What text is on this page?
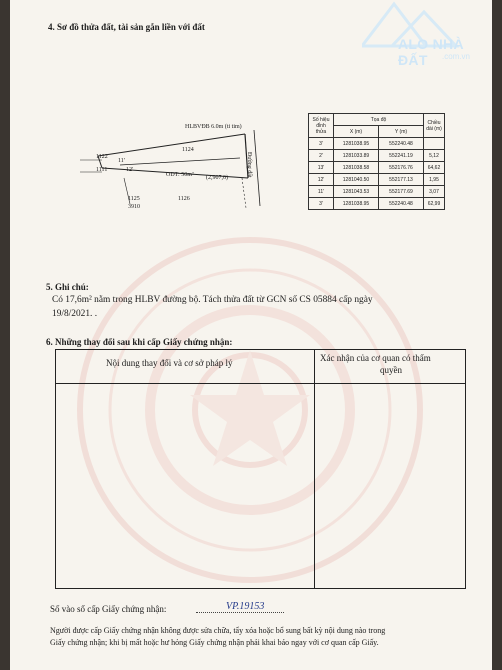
4. Sơ đồ thửa đất, tài sản gắn liền với đất
HLBVĐB 6.0m (ti tim)
Đường đất
ODT: 50m² (2,907,6)
1124
1122
1111
11'
12'
1125
3910
1126
ALO NHÀ ĐẤT	.com.vn
Số hiệu đỉnh thửa	Tọa độ		Chiều dài (m)
	X (m)	Y (m)	
3'	1281038.95	552240.48	
2'	1281033.89	552241.19	5,12
13'	1281038.58	552176.76	64,62
12'	1281040.50	552177.13	1,95
11'	1281043.53	552177.69	3,07
3'	1281038.95	552240.48	62,99
5. Ghi chú:
Có 17,6m² nằm trong HLBV đường bộ. Tách thửa đất từ GCN số CS 05884 cấp ngày
19/8/2021. .
6. Những thay đổi sau khi cấp Giấy chứng nhận:
Nội dung thay đổi và cơ sở pháp lý	Xác nhận của cơ quan có thẩm
quyền
Số vào sổ cấp Giấy chứng nhận:	VP.19153
Người được cấp Giấy chứng nhận không được sửa chữa, tẩy xóa hoặc bổ sung bất kỳ nội dung nào trong
Giấy chứng nhận; khi bị mất hoặc hư hỏng Giấy chứng nhận phải khai báo ngay với cơ quan cấp Giấy.
